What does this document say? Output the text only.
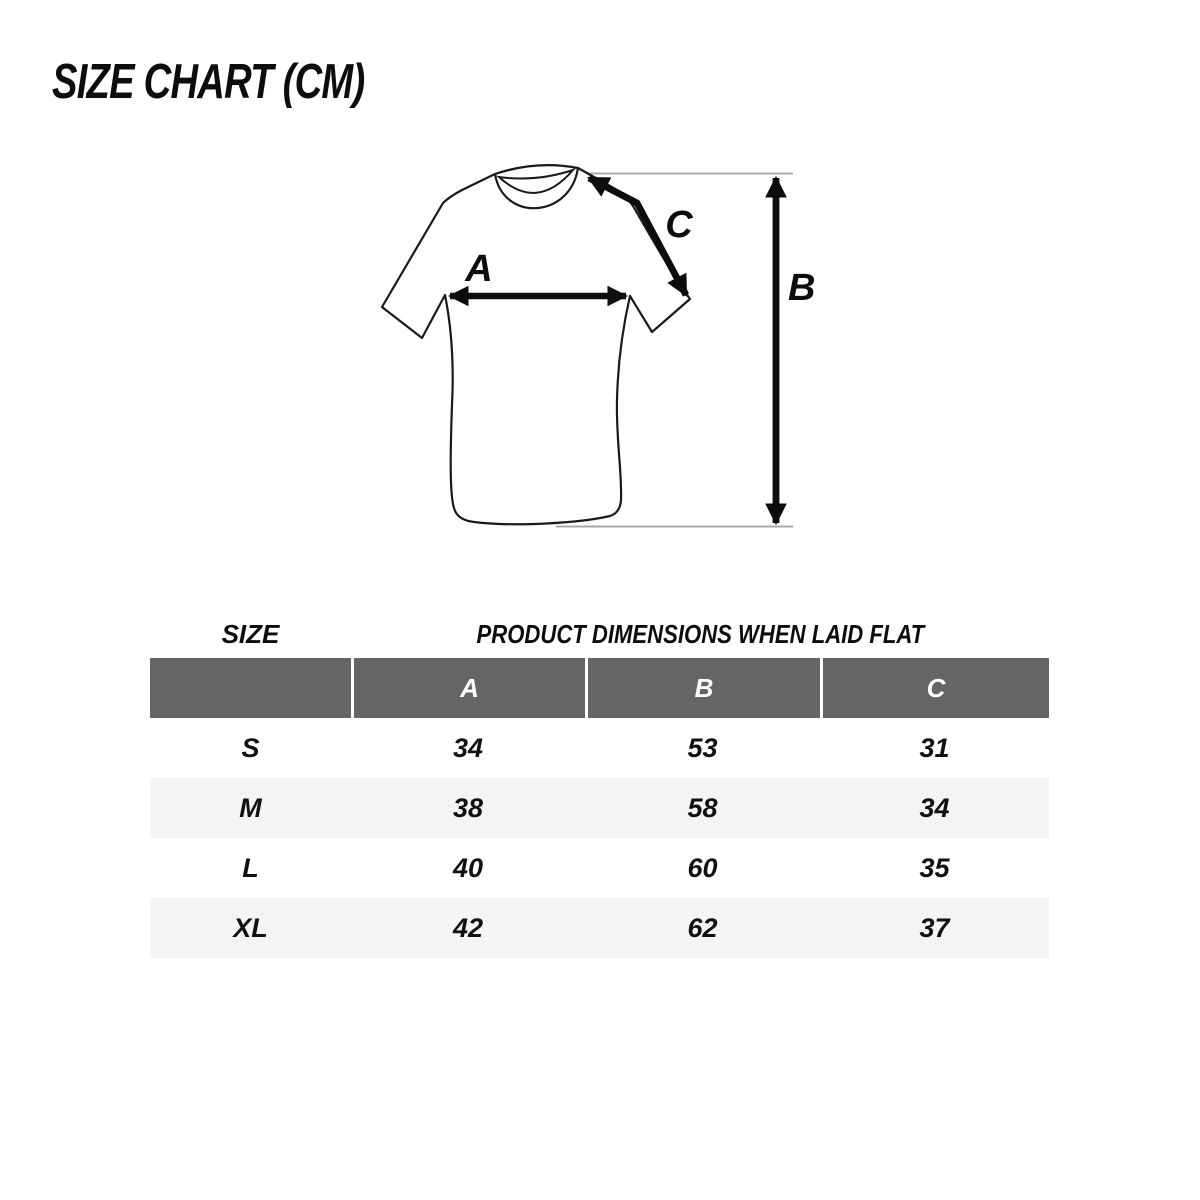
SIZE CHART (CM)
A	B
C
SIZE	PRODUCT DIMENSIONS WHEN LAID FLAT
A	B	C
S	34	53	31
M	38	58	34
L	40	60	35
XL	42	62	37
